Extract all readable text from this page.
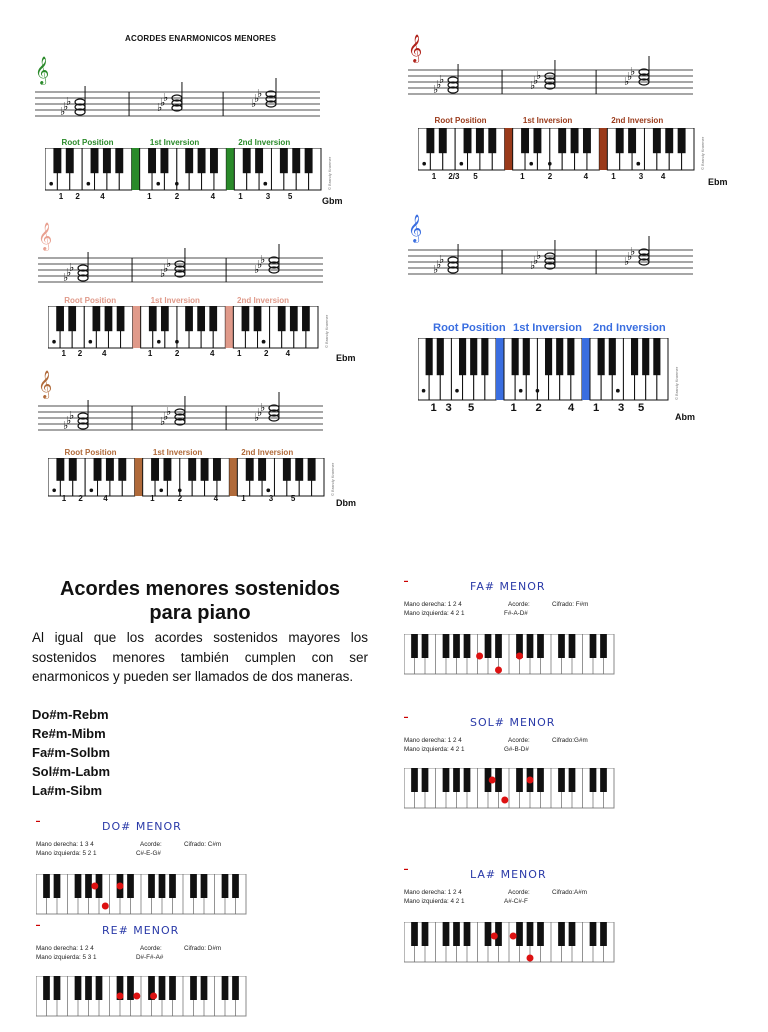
ACORDES ENARMONICOS MENORES
𝄞
♭
♭
♭
♭
♭
♭
♭
♭
♭
Root Position	1st Inversion	2nd Inversion
1 2	4	1	2	4	1	3 5
© Brandy Kraemer
Gbm
𝄞
♭
♭
♭
♭
♭
♭
♭
♭
♭
Root Position	1st Inversion	2nd Inversion
1 2/3 5	1	2	4	1	3 4
© Brandy Kraemer
Ebm
𝄞
♭
♭
♭
♭
♭
♭
♭
♭
♭
Root Position	1st Inversion	2nd Inversion
1 2 4	1	2	4	1	2 4
© Brandy Kraemer
Ebm
𝄞
♭
♭
♭
♭
♭
♭
♭
♭
♭
Root Position 1st Inversion 2nd Inversion
1 3 5	1 2 4 1 3 5
© Brandy Kraemer
Abm
𝄞
♭
♭
♭
♭
♭
♭
♭
♭
♭
Root Position	1st Inversion	2nd Inversion
1 2	4	1	2	4	1	3 5
© Brandy Kraemer
Dbm
Acordes menores sostenidos
para piano
Al igual que los acordes sostenidos mayores los sostenidos menores también cumplen con ser enarmonicos y pueden ser llamados de dos maneras.
Do#m-Rebm
Re#m-Mibm
Fa#m-Solbm
Sol#m-Labm
La#m-Sibm
▬	FA# MENOR
Mano derecha: 1 2 4
Mano izquierda: 4 2 1
Acorde:
F#-A-D#
Cifrado: F#m
▬	SOL# MENOR
Mano derecha: 1 2 4
Mano izquierda: 4 2 1
Acorde:
G#-B-D#
Cifrado:G#m
▬	DO# MENOR
Mano derecha: 1 3 4
Mano izquierda: 5 2 1
Acorde:
C#-E-G#
Cifrado: C#m
▬	RE# MENOR
Mano derecha: 1 2 4
Mano izquierda: 5 3 1
Acorde:
D#-F#-A#
Cifrado: D#m
▬	LA# MENOR
Mano derecha: 1 2 4
Mano izquierda: 4 2 1
Acorde:
A#-C#-F
Cifrado:A#m
